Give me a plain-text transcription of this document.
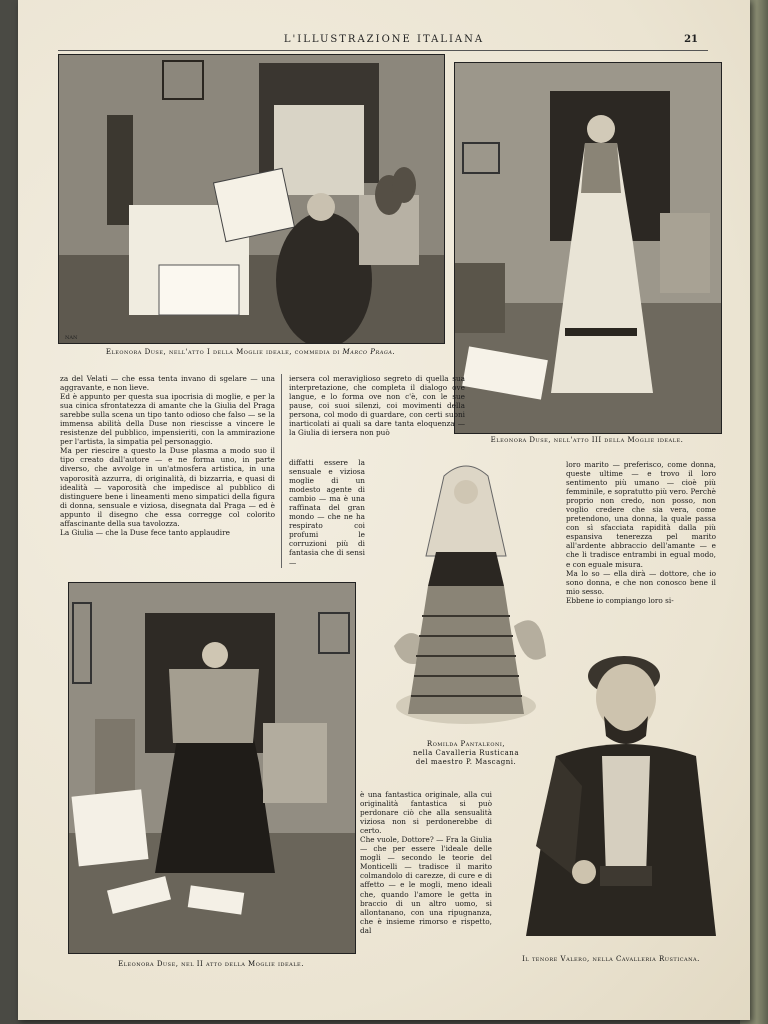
L'ILLUSTRAZIONE ITALIANA	21
NAN
Eleonora Duse, nell'atto I della Moglie ideale, commedia di Marco Praga.
Eleonora Duse, nell'atto III della Moglie ideale.
za del Velati — che essa tenta invano di sgelare — una aggravante, e non lieve.
Ed è appunto per questa sua ipocrisia di moglie, e per la sua cinica sfrontatezza di amante che la Giulia del Praga sarebbe sulla scena un tipo tanto odioso che falso — se la immensa abilità della Duse non riescisse a vincere le resistenze del pubblico, impensieriti, con la ammirazione per l'artista, la simpatia pel personaggio.
Ma per riescire a questo la Duse plasma a modo suo il tipo creato dall'autore — e ne forma uno, in parte diverso, che avvolge in un'atmosfera artistica, in una vaporosità azzurra, di originalità, di bizzarria, e quasi di idealità — vaporosità che impedisce al pubblico di distinguere bene i lineamenti meno simpatici della figura di donna, sensuale e viziosa, disegnata dal Praga — ed è appunto il disegno che essa corregge col colorito affascinante della sua tavolozza.
La Giulia — che la Duse fece tanto applaudire
iersera col meraviglioso segreto di quella sua interpretazione, che completa il dialogo ove langue, e lo forma ove non c'è, con le sue pause, coi suoi silenzi, coi movimenti della persona, col modo di guardare, con certi suoni inarticolati ai quali sa dare tanta eloquenza — la Giulia di iersera non può
diffatti essere la sensuale e viziosa moglie di un modesto agente di cambio — ma è una raffinata del gran mondo — che ne ha respirato coi profumi le corruzioni più di fantasia che di sensi —
Romilda Pantaleoni,
nella Cavalleria Rusticana
del maestro P. Mascagni.
loro marito — preferisco, come donna, queste ultime — e trovo il loro sentimento più umano — cioè più femminile, e sopratutto più vero. Perchè proprio non credo, non posso, non voglio credere che sia vera, come pretendono, una donna, la quale passa con sì sfacciata rapidità dalla più espansiva tenerezza pel marito all'ardente abbraccio dell'amante — e che li tradisce entrambi in egual modo, e con eguale misura.
Ma lo so — ella dirà — dottore, che io sono donna, e che non conosco bene il mio sesso.
Ebbene io compiango loro si-
Eleonora Duse, nel II atto della Moglie ideale.
è una fantastica originale, alla cui originalità fantastica si può perdonare ciò che alla sensualità viziosa non si perdonerebbe di certo.
Che vuole, Dottore? — Fra la Giulia — che per essere l'ideale delle mogli — secondo le teorie del Monticelli — tradisce il marito colmandolo di carezze, di cure e di affetto — e le mogli, meno ideali che, quando l'amore le getta in braccio di un altro uomo, si allontanano, con una ripugnanza, che è insieme rimorso e rispetto, dal
Il tenore Valero, nella Cavalleria Rusticana.
